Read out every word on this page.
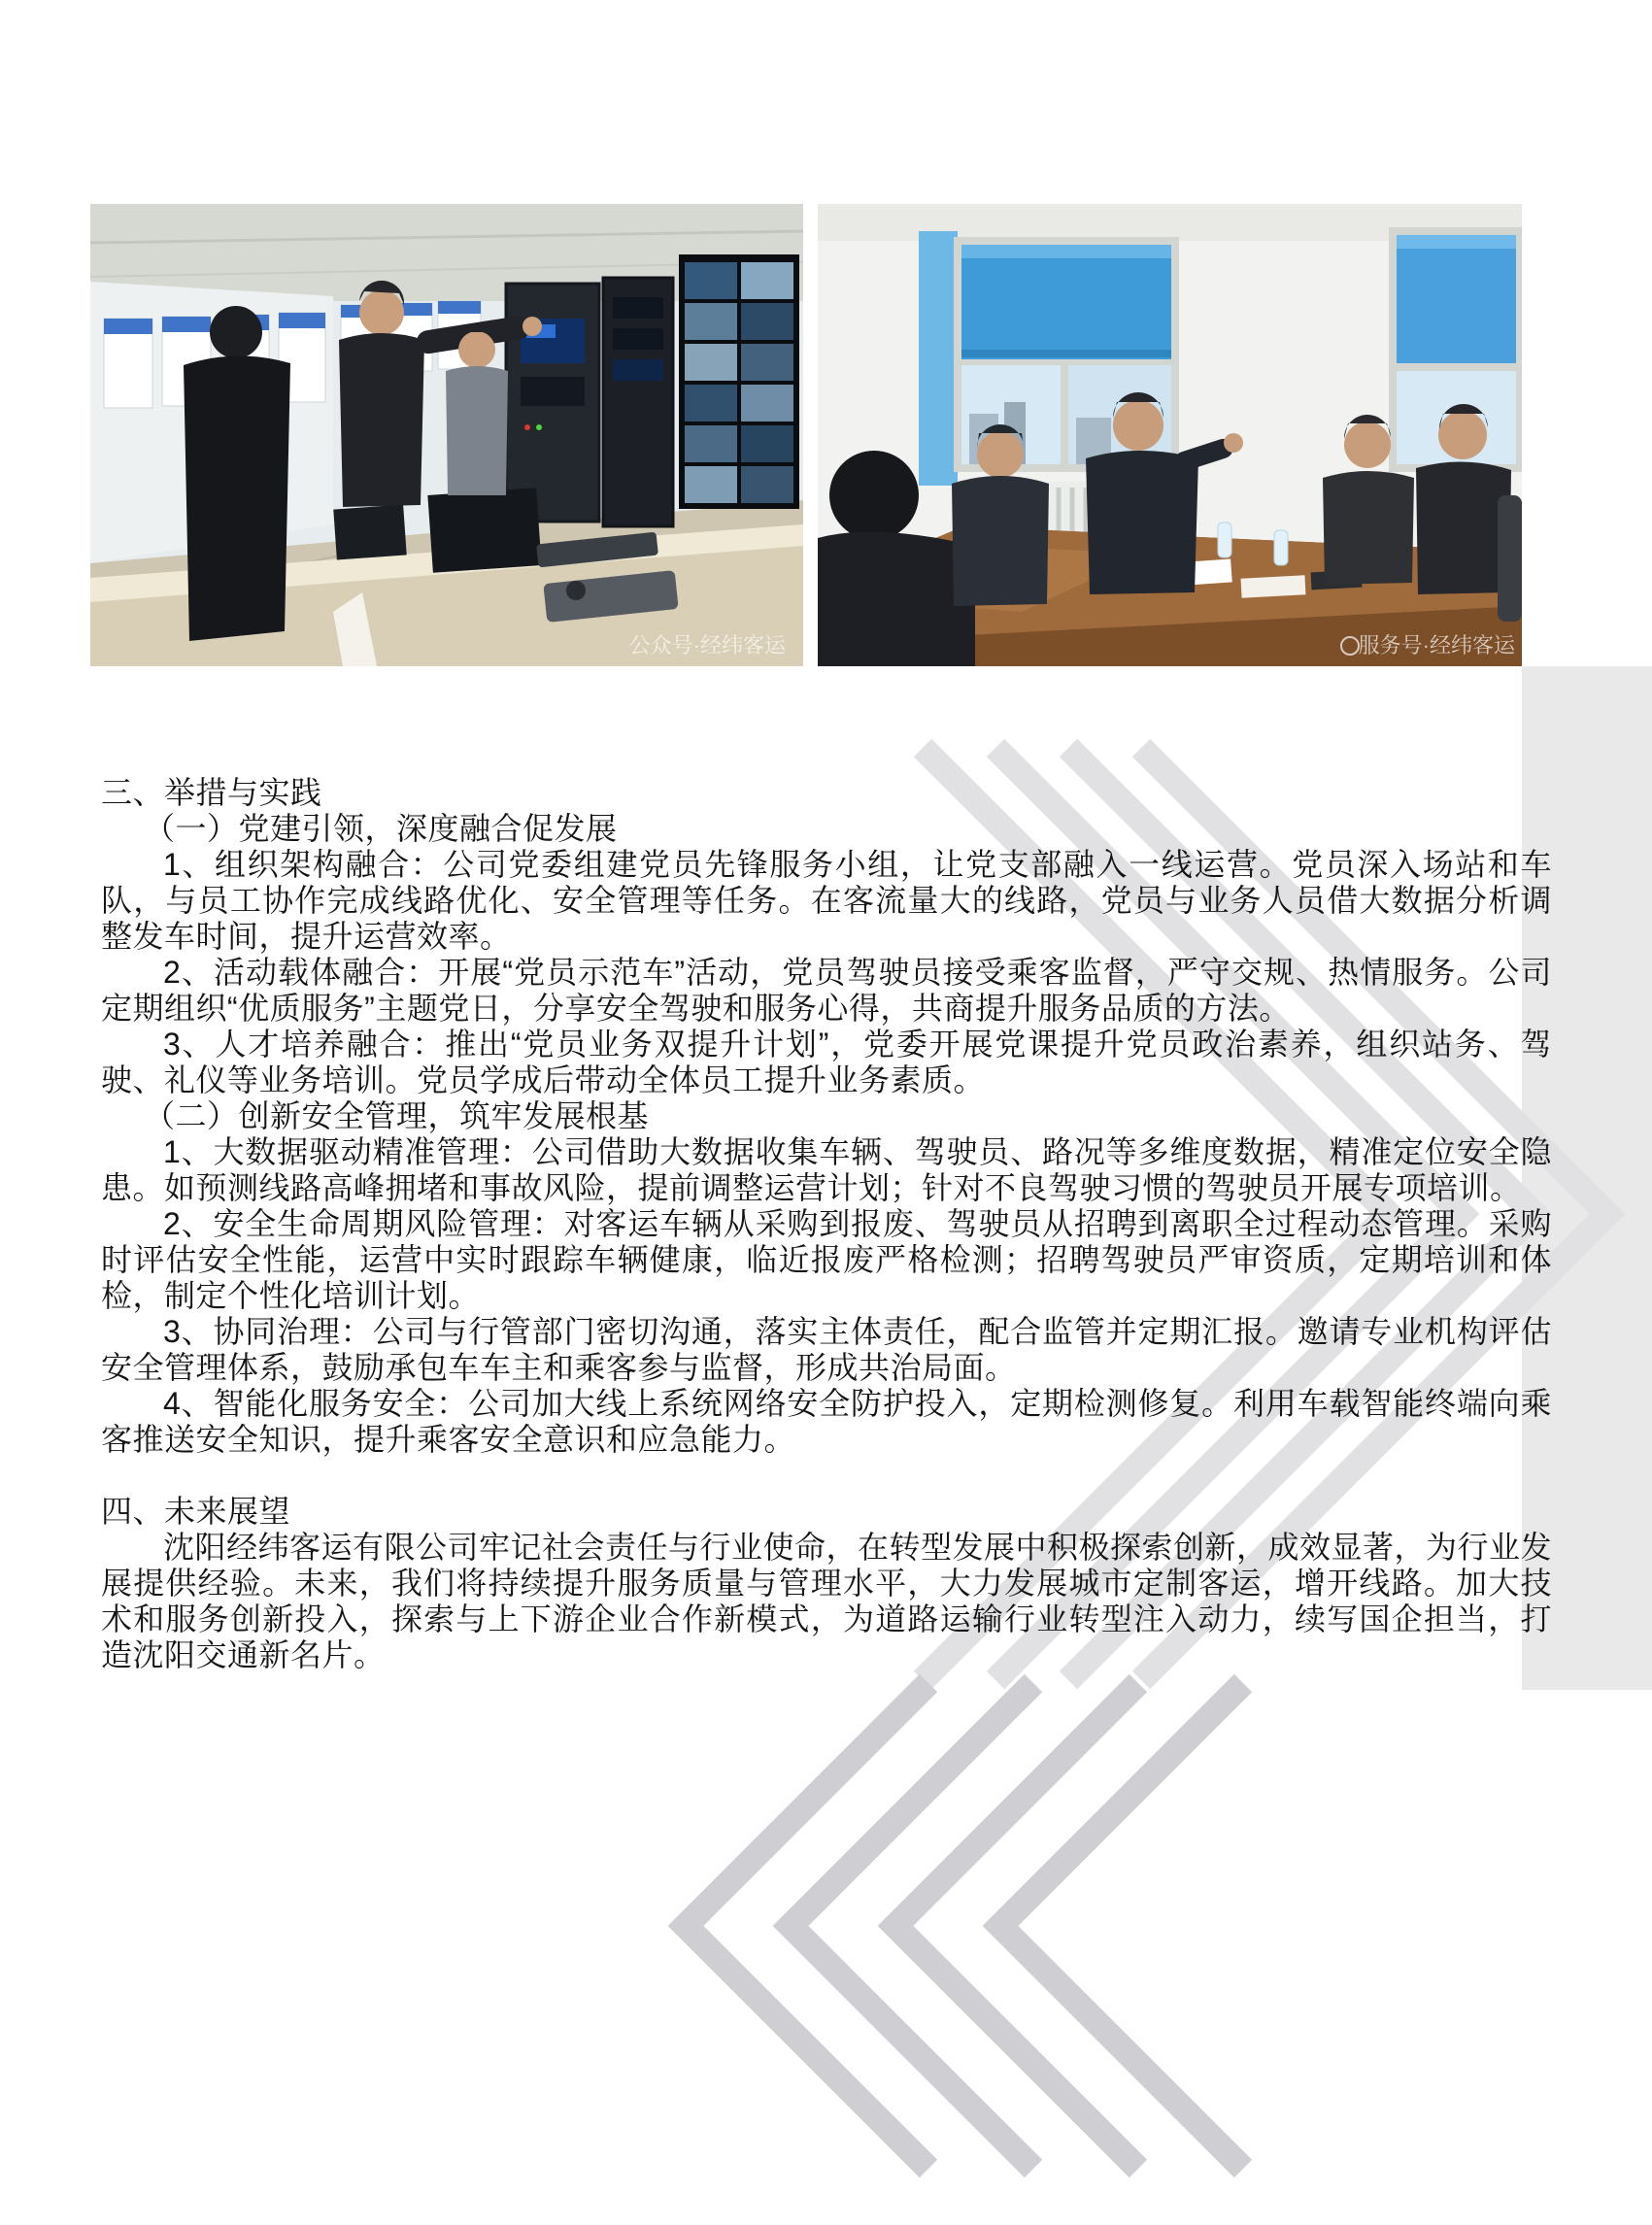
公众号·经纬客运	服务号·经纬客运

三、举措与实践

（一）党建引领，深度融合促发展

1、组织架构融合：公司党委组建党员先锋服务小组，让党支部融入一线运营。党员深入场站和车队，与员工协作完成线路优化、安全管理等任务。在客流量大的线路，党员与业务人员借大数据分析调整发车时间，提升运营效率。

2、活动载体融合：开展“党员示范车”活动，党员驾驶员接受乘客监督，严守交规、热情服务。公司定期组织“优质服务”主题党日，分享安全驾驶和服务心得，共商提升服务品质的方法。

3、人才培养融合：推出“党员业务双提升计划”，党委开展党课提升党员政治素养，组织站务、驾驶、礼仪等业务培训。党员学成后带动全体员工提升业务素质。

（二）创新安全管理，筑牢发展根基

1、大数据驱动精准管理：公司借助大数据收集车辆、驾驶员、路况等多维度数据，精准定位安全隐患。如预测线路高峰拥堵和事故风险，提前调整运营计划；针对不良驾驶习惯的驾驶员开展专项培训。

2、安全生命周期风险管理：对客运车辆从采购到报废、驾驶员从招聘到离职全过程动态管理。采购时评估安全性能，运营中实时跟踪车辆健康，临近报废严格检测；招聘驾驶员严审资质，定期培训和体检，制定个性化培训计划。

3、协同治理：公司与行管部门密切沟通，落实主体责任，配合监管并定期汇报。邀请专业机构评估安全管理体系，鼓励承包车车主和乘客参与监督，形成共治局面。

4、智能化服务安全：公司加大线上系统网络安全防护投入，定期检测修复。利用车载智能终端向乘客推送安全知识，提升乘客安全意识和应急能力。

四、未来展望

沈阳经纬客运有限公司牢记社会责任与行业使命，在转型发展中积极探索创新，成效显著，为行业发展提供经验。未来，我们将持续提升服务质量与管理水平，大力发展城市定制客运，增开线路。加大技术和服务创新投入，探索与上下游企业合作新模式，为道路运输行业转型注入动力，续写国企担当，打造沈阳交通新名片。
